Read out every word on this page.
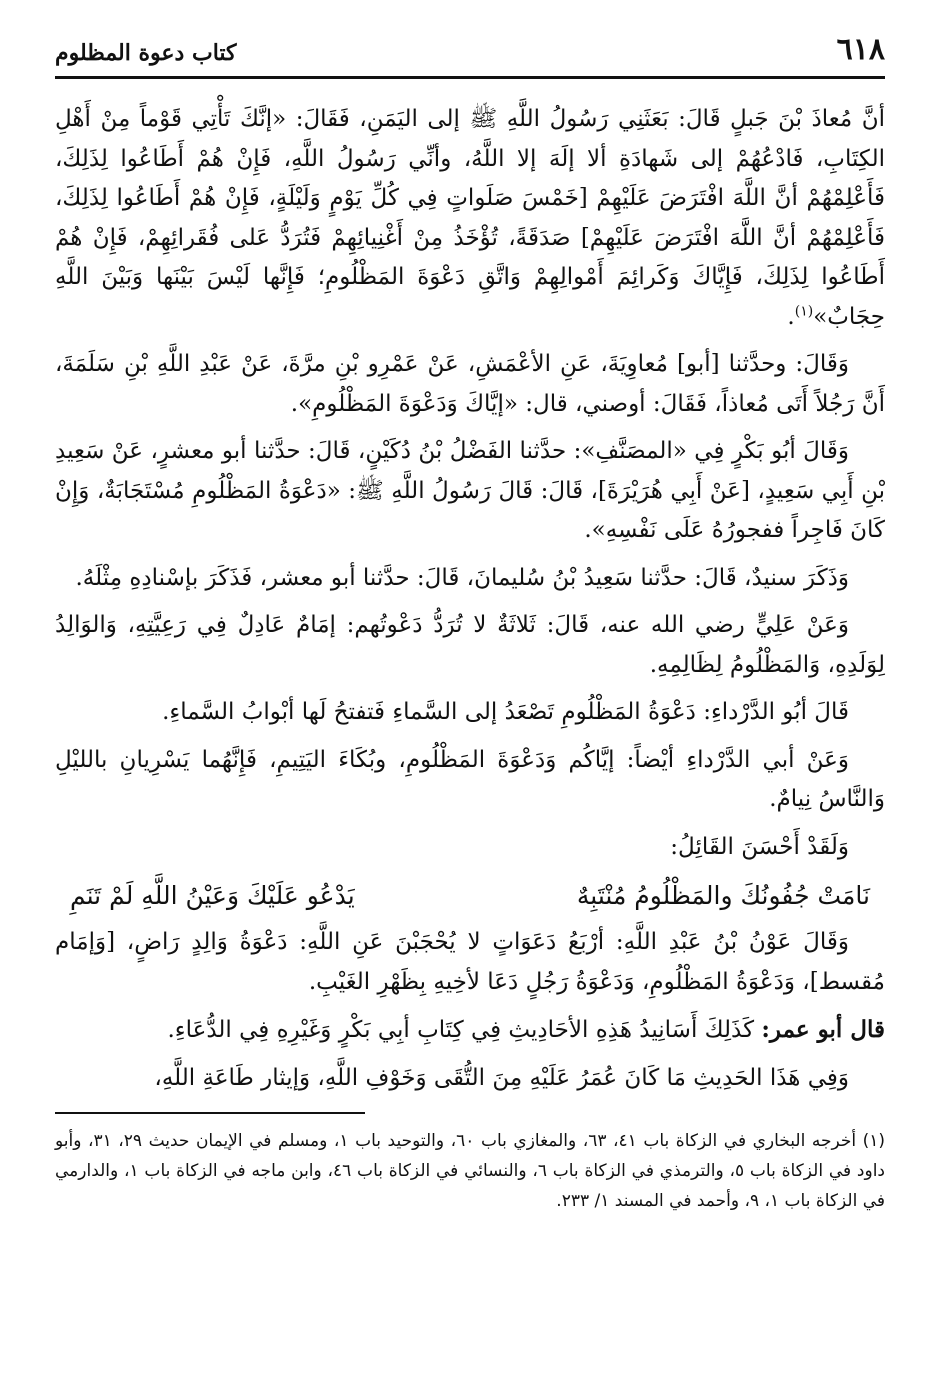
٦١٨
كتاب دعوة المظلوم

أنَّ مُعاذَ بْنَ جَبلٍ قَالَ: بَعَثَنِي رَسُولُ اللَّهِ ﷺ إلى اليَمَنِ، فَقَالَ: «إنَّكَ تَأْتِي قَوْماً مِنْ أَهْلِ الكِتَابِ، فَادْعُهُمْ إلى شَهادَةِ ألا إلَهَ إلا اللَّهُ، وأنِّي رَسُولُ اللَّهِ، فَإِنْ هُمْ أَطَاعُوا لِذَلِكَ، فَأَعْلِمْهُمْ أنَّ اللَّهَ افْتَرَضَ عَلَيْهِمْ [خَمْسَ صَلَواتٍ فِي كُلِّ يَوْمٍ وَلَيْلَةٍ، فَإِنْ هُمْ أَطَاعُوا لِذَلِكَ، فَأَعْلِمْهُمْ أنَّ اللَّهَ افْتَرَضَ عَلَيْهِمْ] صَدَقَةً، تُؤْخَذُ مِنْ أَغْنِيائِهِمْ فَتُرَدُّ عَلى فُقَرائِهِمْ، فَإِنْ هُمْ أَطَاعُوا لِذَلِكَ، فَإِيَّاكَ وَكَرائِمَ أَمْوالِهِمْ وَاتَّقِ دَعْوَةَ المَظْلُومِ؛ فَإِنَّها لَيْسَ بَيْنَها وَبَيْنَ اللَّهِ حِجَابٌ»$^{(١)}$.

وَقَالَ: وحدَّثنا [أبو] مُعاوِيَةَ، عَنِ الأعْمَشِ، عَنْ عَمْرِو بْنِ مرَّةَ، عَنْ عَبْدِ اللَّهِ بْنِ سَلَمَةَ، أَنَّ رَجُلاً أَتَى مُعاذاً، فَقَالَ: أوصني، قال: «إيَّاكَ وَدَعْوَةَ المَظْلُومِ».

وَقَالَ أبُو بَكْرٍ فِي «المصَنَّفِ»: حدَّثنا الفَضْلُ بْنُ دُكَيْنٍ، قَالَ: حدَّثنا أبو معشرٍ، عَنْ سَعِيدِ بْنِ أَبِي سَعِيدٍ، [عَنْ أَبِي هُرَيْرَةَ]، قَالَ: قَالَ رَسُولُ اللَّهِ ﷺ: «دَعْوَةُ المَظْلُومِ مُسْتَجَابَةٌ، وَإِنْ كَانَ فَاجِراً ففجورُهُ عَلَى نَفْسِهِ».

وَذَكَرَ سنيدٌ، قَالَ: حدَّثنا سَعِيدُ بْنُ سُليمانَ، قَالَ: حدَّثنا أبو معشر، فَذَكَرَ بإسْنادِهِ مِثْلَهُ.

وَعَنْ عَلِيٍّ رضي الله عنه، قَالَ: ثَلاثَةٌ لا تُرَدُّ دَعْوتُهم: إمَامٌ عَادِلٌ فِي رَعِيَّتِهِ، وَالوَالِدُ لِوَلَدِهِ، وَالمَظْلُومُ لِظَالِمِهِ.

قَالَ أبُو الدَّرْداءِ: دَعْوَةُ المَظْلُومِ تَصْعَدُ إلى السَّماءِ فَتفتحُ لَها أبْوابُ السَّماءِ.

وَعَنْ أبي الدَّرْداءِ أيْضاً: إيَّاكُم وَدَعْوَةَ المَظْلُومِ، وبُكَاءَ اليَتِيمِ، فَإِنَّهُما يَسْرِيانِ بالليْلِ وَالنَّاسُ نِيامٌ.

وَلَقَدْ أَحْسَنَ القَائِلُ:

نَامَتْ جُفُونُكَ والمَظْلُومُ مُنْتَبِهٌ
يَدْعُو عَلَيْكَ وَعَيْنُ اللَّهِ لَمْ تَنَمِ

وَقَالَ عَوْنُ بْنُ عَبْدِ اللَّهِ: أرْبَعُ دَعَوَاتٍ لا يُحْجَبْنَ عَنِ اللَّهِ: دَعْوَةُ وَالِدٍ رَاضٍ، [وَإمَام مُقسط]، وَدَعْوَةُ المَظْلُومِ، وَدَعْوَةُ رَجُلٍ دَعَا لأخِيهِ بِظَهْرِ الغَيْبِ.

قال أبو عمر: كَذَلِكَ أَسَانِيدُ هَذِهِ الأحَادِيثِ فِي كِتَابِ أبِي بَكْرٍ وَغَيْرِهِ فِي الدُّعَاءِ.

وَفِي هَذَا الحَدِيثِ مَا كَانَ عُمَرُ عَلَيْهِ مِنَ التُّقَى وَخَوْفِ اللَّهِ، وَإيثار طَاعَةِ اللَّهِ،

(١) أخرجه البخاري في الزكاة باب ٤١، ٦٣، والمغازي باب ٦٠، والتوحيد باب ١، ومسلم في الإيمان حديث ٢٩، ٣١، وأبو داود في الزكاة باب ٥، والترمذي في الزكاة باب ٦، والنسائي في الزكاة باب ٤٦، وابن ماجه في الزكاة باب ١، والدارمي في الزكاة باب ١، ٩، وأحمد في المسند ١/ ٢٣٣.
